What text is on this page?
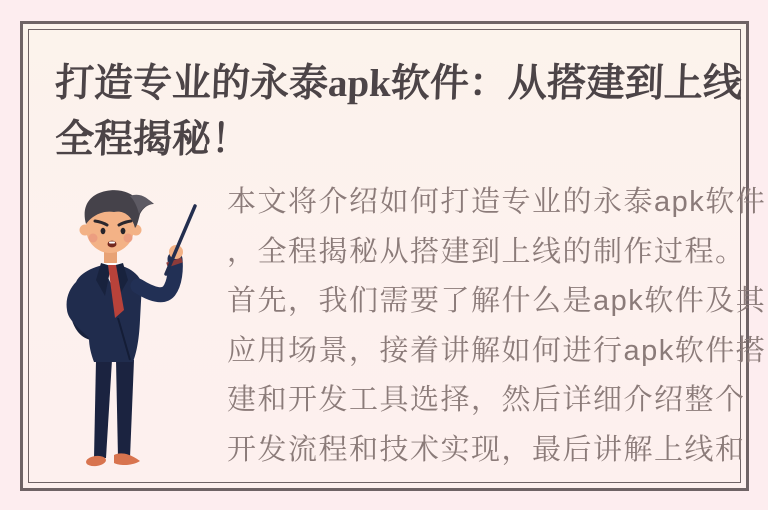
打造专业的永泰apk软件：从搭建到上线
全程揭秘！
本文将介绍如何打造专业的永泰apk软件
，全程揭秘从搭建到上线的制作过程。
首先，我们需要了解什么是apk软件及其
应用场景，接着讲解如何进行apk软件搭
建和开发工具选择，然后详细介绍整个
开发流程和技术实现，最后讲解上线和
